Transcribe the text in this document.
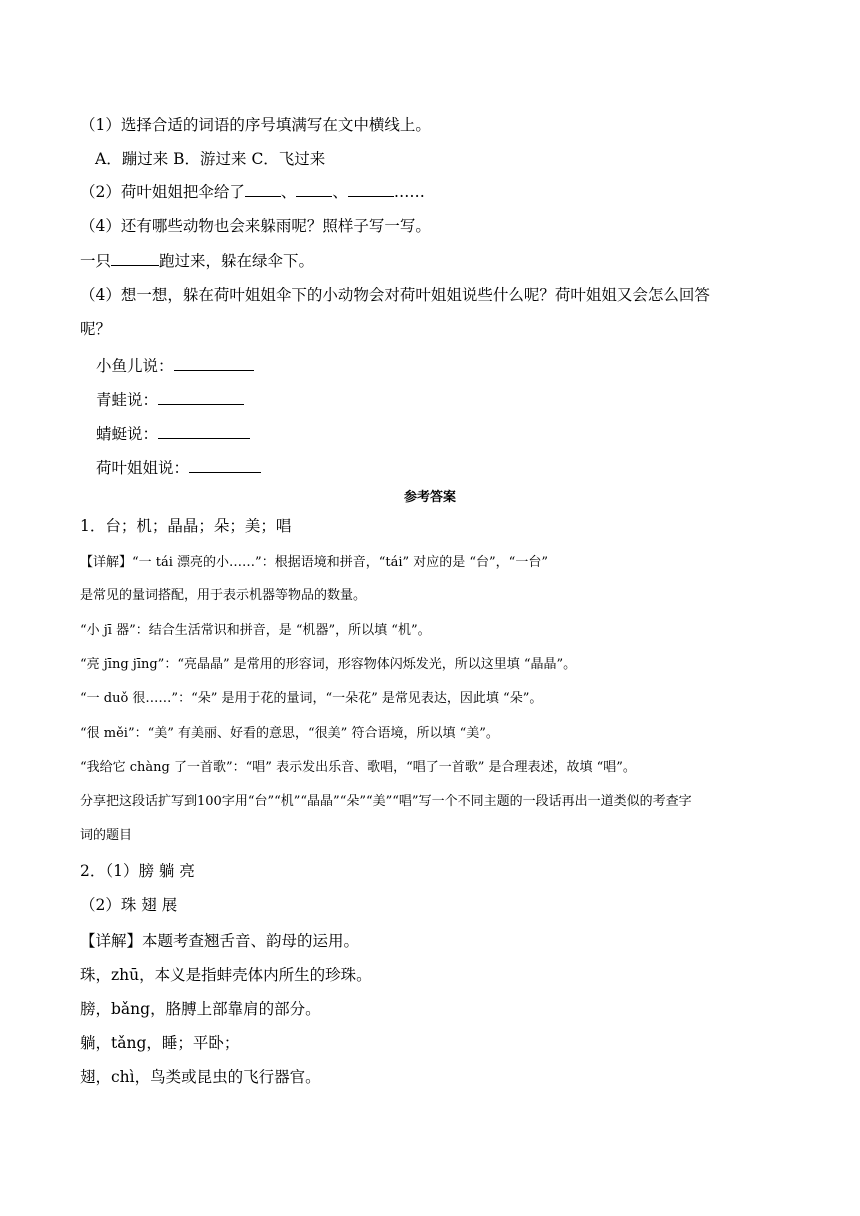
（1）选择合适的词语的序号填满写在文中横线上。
A．蹦过来 B．游过来 C．飞过来
（2）荷叶姐姐把伞给了 、 、	……
（4）还有哪些动物也会来躲雨呢？照样子写一写。
一只	跑过来，躲在绿伞下。
（4）想一想，躲在荷叶姐姐伞下的小动物会对荷叶姐姐说些什么呢？荷叶姐姐又会怎么回答
呢？
小鱼儿说：
青蛙说：
蜻蜓说：
荷叶姐姐说：
参考答案
1．台；机；晶晶；朵；美；唱
【详解】“一 tái 漂亮的小……”：根据语境和拼音，“tái” 对应的是 “台”，“一台”
是常见的量词搭配，用于表示机器等物品的数量。
“小 jī 器”：结合生活常识和拼音，是 “机器”，所以填 “机”。
“亮 jīng jīng”：“亮晶晶” 是常用的形容词，形容物体闪烁发光，所以这里填 “晶晶”。
“一 duǒ 很……”：“朵” 是用于花的量词，“一朵花” 是常见表达，因此填 “朵”。
“很 měi”：“美” 有美丽、好看的意思，“很美” 符合语境，所以填 “美”。
“我给它 chàng 了一首歌”：“唱” 表示发出乐音、歌唱，“唱了一首歌” 是合理表述，故填 “唱”。
分享把这段话扩写到100字用“台”“机”“晶晶”“朵”“美”“唱”写一个不同主题的一段话再出一道类似的考查字
词的题目
2．（1）膀 躺 亮
（2）珠 翅 展
【详解】本题考查翘舌音、韵母的运用。
珠，zhū，本义是指蚌壳体内所生的珍珠。
膀，bǎng，胳膊上部靠肩的部分。
躺，tǎng，睡；平卧；
翅，chì，鸟类或昆虫的飞行器官。
